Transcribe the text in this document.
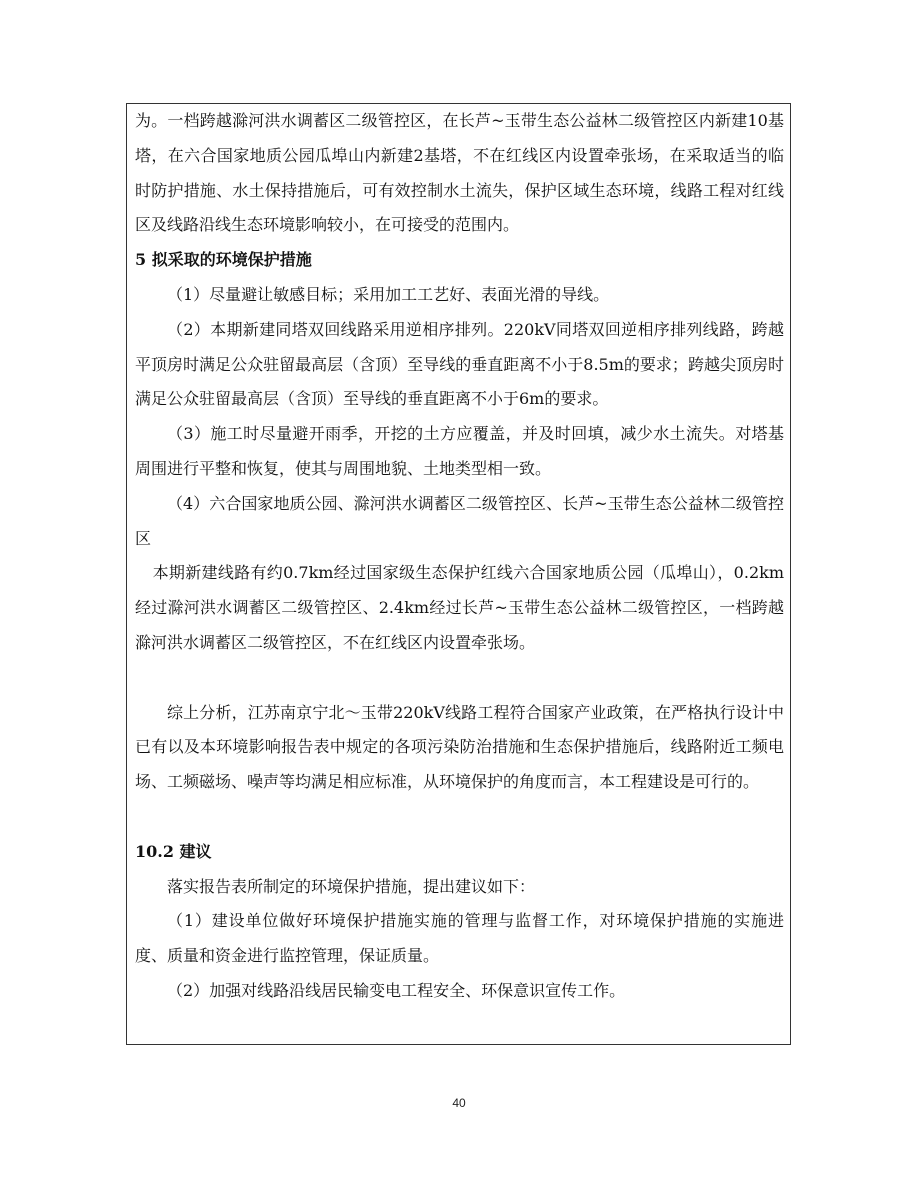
为。一档跨越滁河洪水调蓄区二级管控区，在长芦~玉带生态公益林二级管控区内新建10基塔，在六合国家地质公园瓜埠山内新建2基塔，不在红线区内设置牵张场，在采取适当的临时防护措施、水土保持措施后，可有效控制水土流失，保护区域生态环境，线路工程对红线区及线路沿线生态环境影响较小，在可接受的范围内。

5 拟采取的环境保护措施

（1）尽量避让敏感目标；采用加工工艺好、表面光滑的导线。

（2）本期新建同塔双回线路采用逆相序排列。220kV同塔双回逆相序排列线路，跨越平顶房时满足公众驻留最高层（含顶）至导线的垂直距离不小于8.5m的要求；跨越尖顶房时满足公众驻留最高层（含顶）至导线的垂直距离不小于6m的要求。

（3）施工时尽量避开雨季，开挖的土方应覆盖，并及时回填，减少水土流失。对塔基周围进行平整和恢复，使其与周围地貌、土地类型相一致。

（4）六合国家地质公园、滁河洪水调蓄区二级管控区、长芦~玉带生态公益林二级管控区

本期新建线路有约0.7km经过国家级生态保护红线六合国家地质公园（瓜埠山），0.2km经过滁河洪水调蓄区二级管控区、2.4km经过长芦~玉带生态公益林二级管控区，一档跨越滁河洪水调蓄区二级管控区，不在红线区内设置牵张场。

综上分析，江苏南京宁北～玉带220kV线路工程符合国家产业政策，在严格执行设计中已有以及本环境影响报告表中规定的各项污染防治措施和生态保护措施后，线路附近工频电场、工频磁场、噪声等均满足相应标准，从环境保护的角度而言，本工程建设是可行的。

10.2 建议

落实报告表所制定的环境保护措施，提出建议如下：

（1）建设单位做好环境保护措施实施的管理与监督工作，对环境保护措施的实施进度、质量和资金进行监控管理，保证质量。

（2）加强对线路沿线居民输变电工程安全、环保意识宣传工作。

40
